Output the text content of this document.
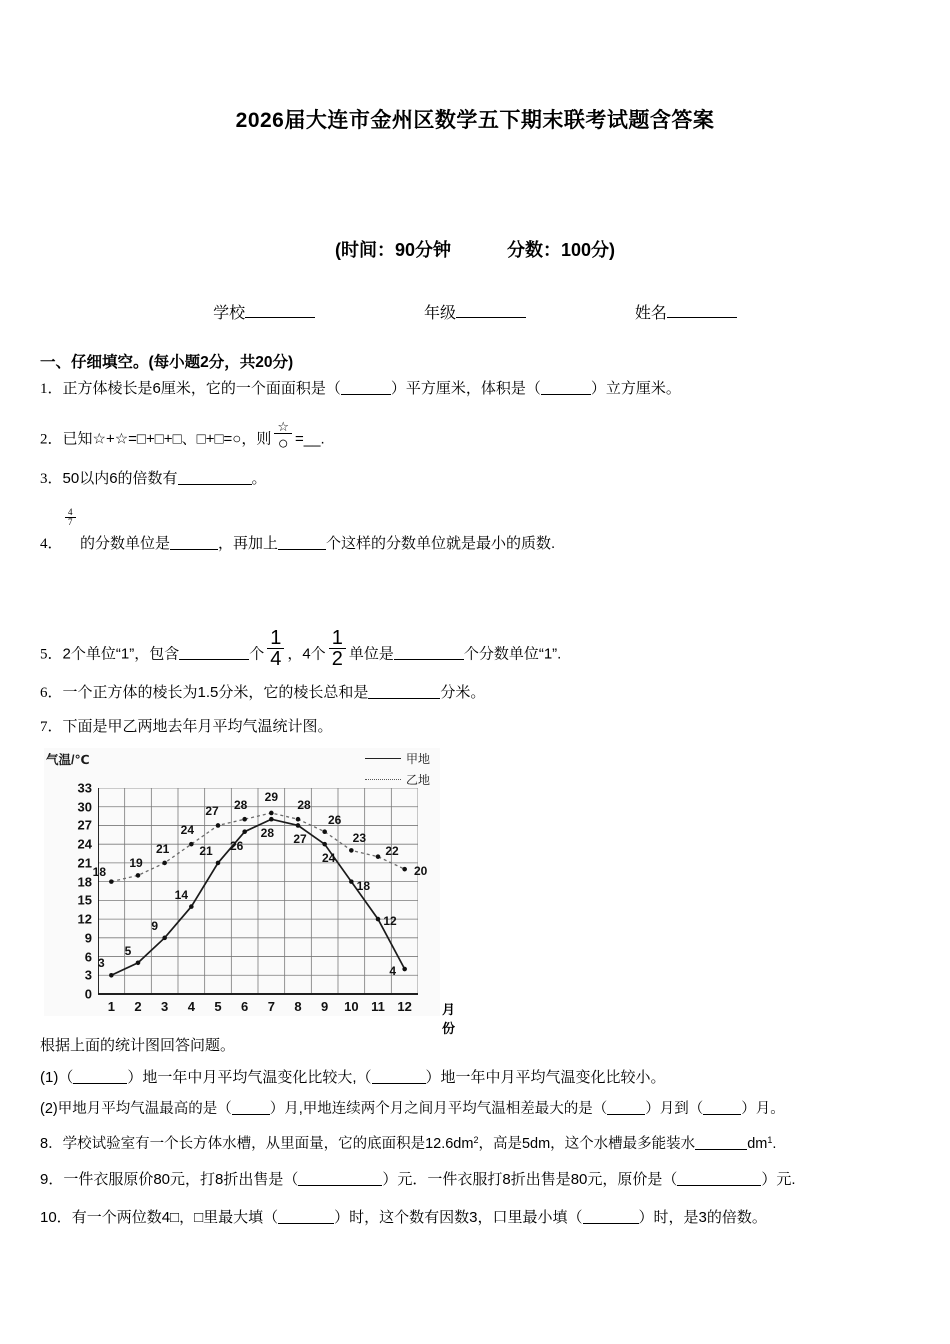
2026届大连市金州区数学五下期末联考试题含答案
(时间：90分钟	分数：100分)
学校	年级	姓名
一、仔细填空。(每小题2分，共20分)
1．正方体棱长是6厘米，它的一个面面积是（	）平方厘米，体积是（	）立方厘米。
2．已知☆+☆=□+□+□、□+□=○，则 $\frac{☆}{○}$ =__.
3．50以内6的倍数有	。
4．
$\frac{4}{7}$
的分数单位是	，再加上	个这样的分数单位就是最小的质数.
5．2个单位“1”，包含	个 $\frac{1}{4}$ ，4个 $\frac{1}{2}$ 单位是	个分数单位“1”.
6．一个正方体的棱长为1.5分米，它的棱长总和是	分米。
7．下面是甲乙两地去年月平均气温统计图。
气温/℃	甲地
乙地
0
3
6
9
12
15
18
21
24
27
30
33
1 2 3 4 5 6 7 8 9 10 11 12 月份
3
5
9
14
21 26
28 27
24
18
12
4
18
19
21
24
27 28
29
28
26
23
22
20
根据上面的统计图回答问题。
(1)（	）地一年中月平均气温变化比较大,（	）地一年中月平均气温变化比较小。
(2)甲地月平均气温最高的是（	）月,甲地连续两个月之间月平均气温相差最大的是（	）月到（	）月。
8．学校试验室有一个长方体水槽，从里面量，它的底面积是$12.6dm^2$，高是5dm，这个水槽最多能装水	$dm^1$.
9．一件衣服原价80元，打8折出售是（	）元．一件衣服打8折出售是80元，原价是（	）元.
10．有一个两位数4□，□里最大填（	）时，这个数有因数3，口里最小填（	）时，是3的倍数。
